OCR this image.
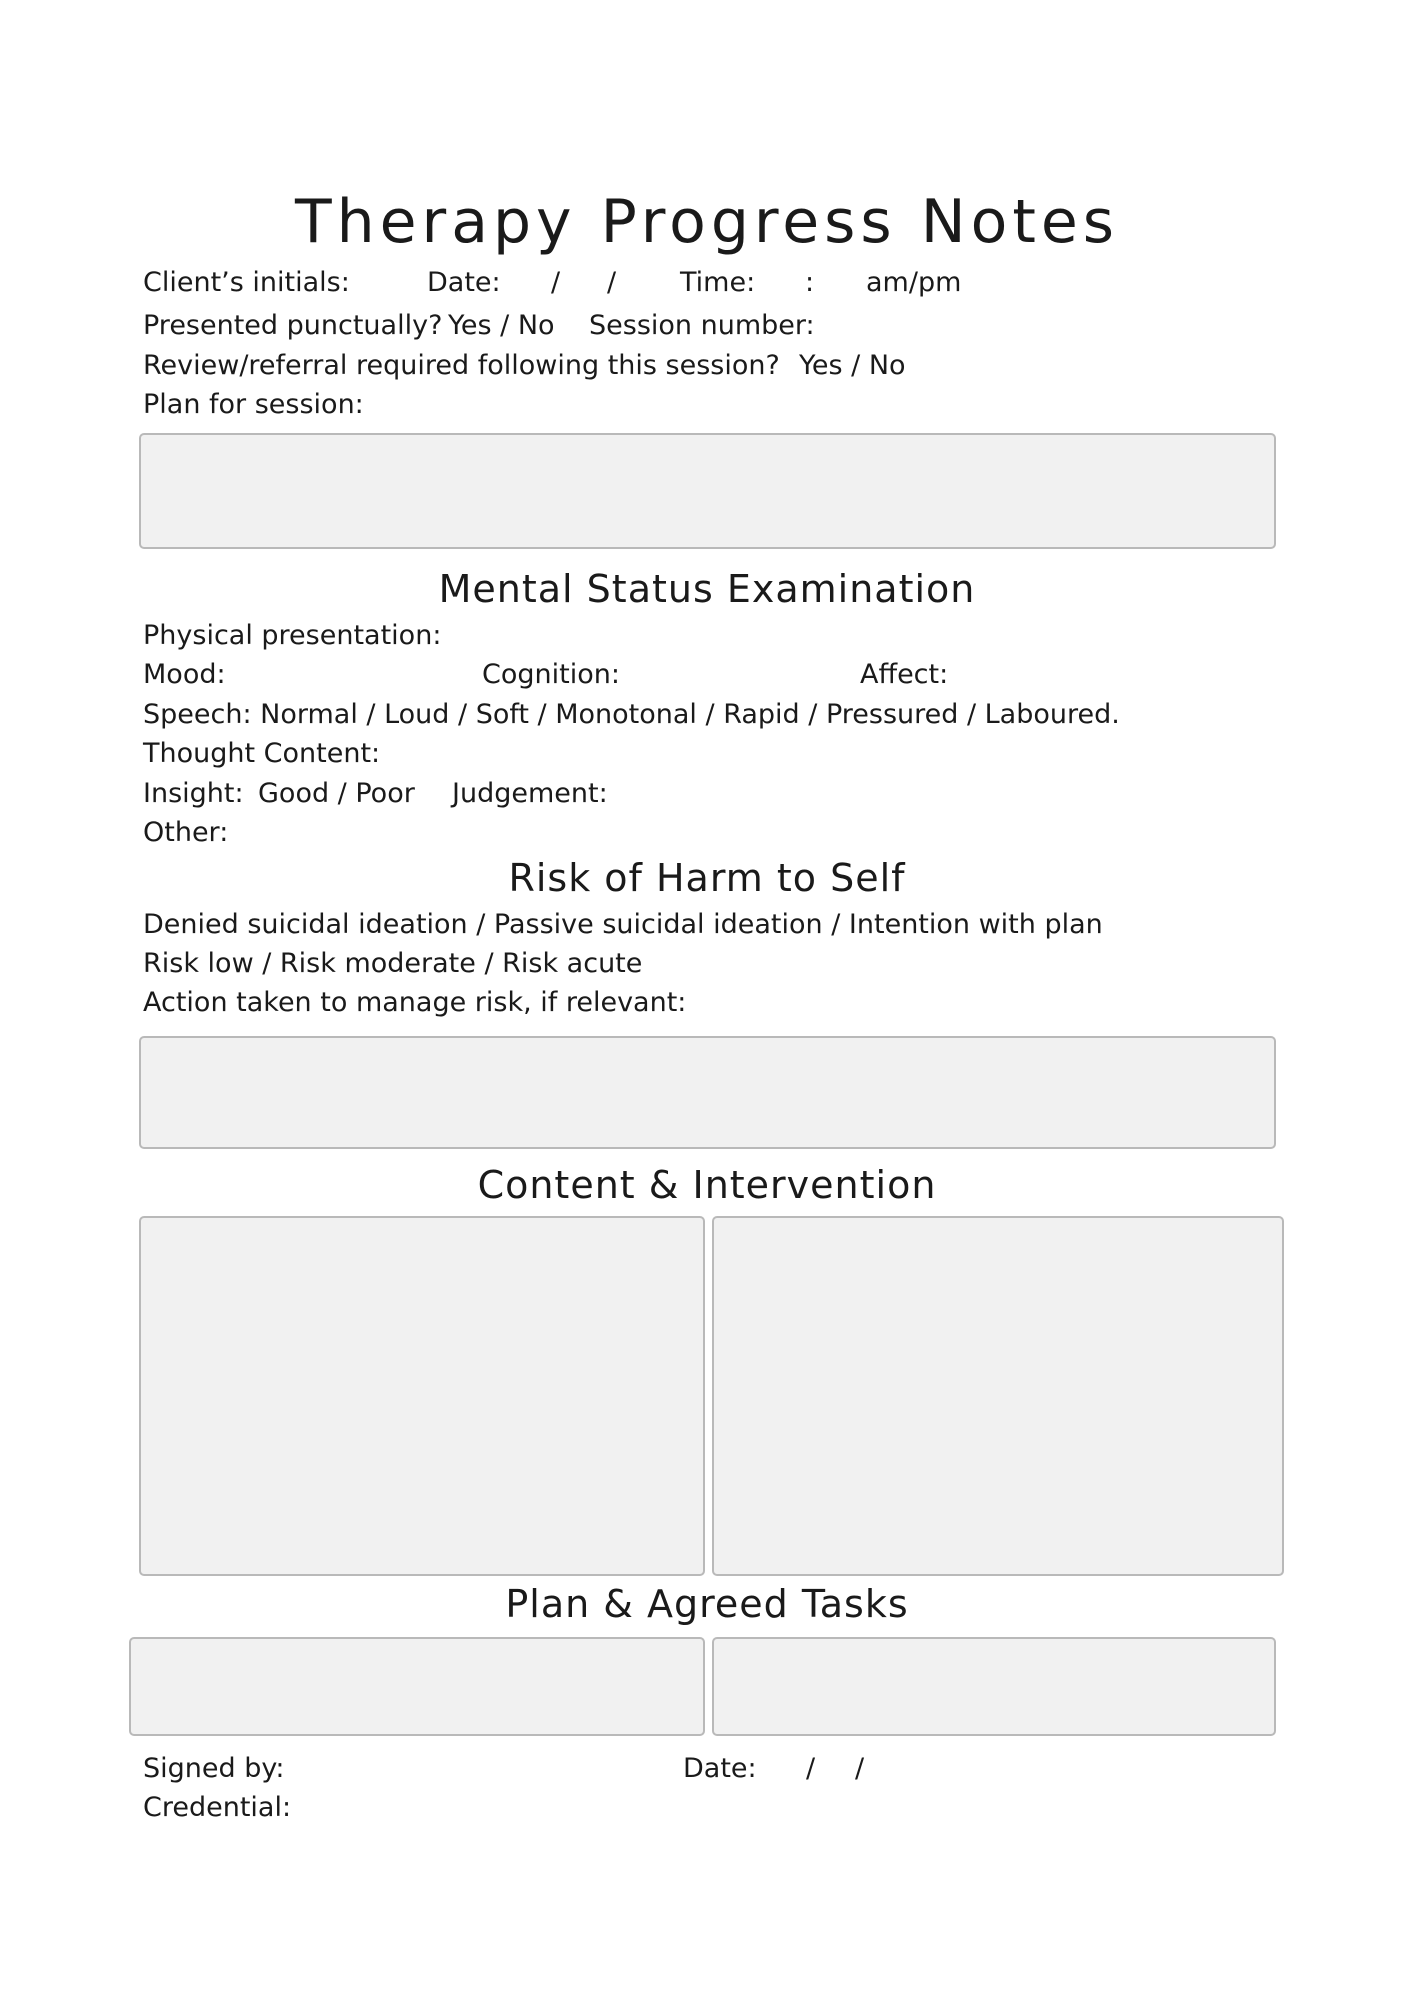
Therapy Progress Notes
Client’s initials:	Date: / / Time: : am/pm
Presented punctually? Yes / No Session number:
Review/referral required following this session? Yes / No
Plan for session:
Mental Status Examination
Physical presentation:
Mood:	Cognition:	Affect:
Speech: Normal / Loud / Soft / Monotonal / Rapid / Pressured / Laboured.
Thought Content:
Insight: Good / Poor Judgement:
Other:
Risk of Harm to Self
Denied suicidal ideation / Passive suicidal ideation / Intention with plan
Risk low / Risk moderate / Risk acute
Action taken to manage risk, if relevant:
Content & Intervention
Plan & Agreed Tasks
Signed by:	Date: / /
Credential:
